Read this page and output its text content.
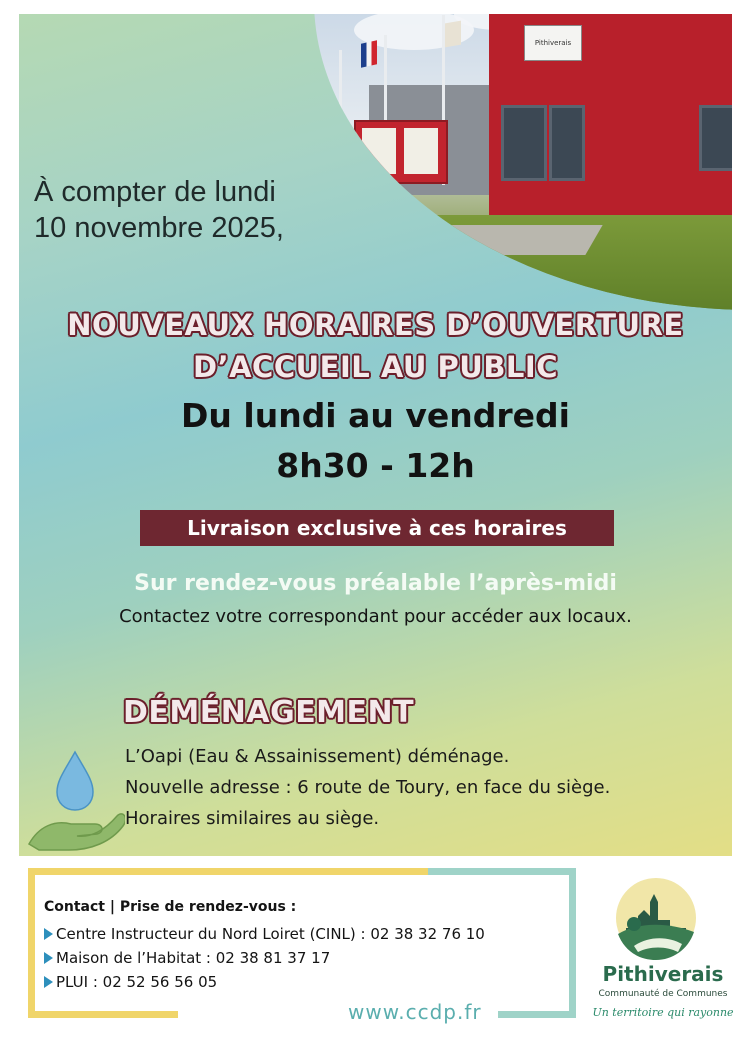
Pithiverais
À compter de lundi
10 novembre 2025,
NOUVEAUX HORAIRES D’OUVERTURE
D’ACCUEIL AU PUBLIC
Du lundi au vendredi
8h30 - 12h
Livraison exclusive à ces horaires
Sur rendez-vous préalable l’après-midi
Contactez votre correspondant pour accéder aux locaux.
DÉMÉNAGEMENT
L’Oapi (Eau & Assainissement) déménage.
Nouvelle adresse : 6 route de Toury, en face du siège.
Horaires similaires au siège.
Contact | Prise de rendez-vous :
Centre Instructeur du Nord Loiret (CINL) : 02 38 32 76 10
Maison de l’Habitat : 02 38 81 37 17
PLUI : 02 52 56 56 05
www.ccdp.fr
Pithiverais
Communauté de Communes
Un territoire qui rayonne
